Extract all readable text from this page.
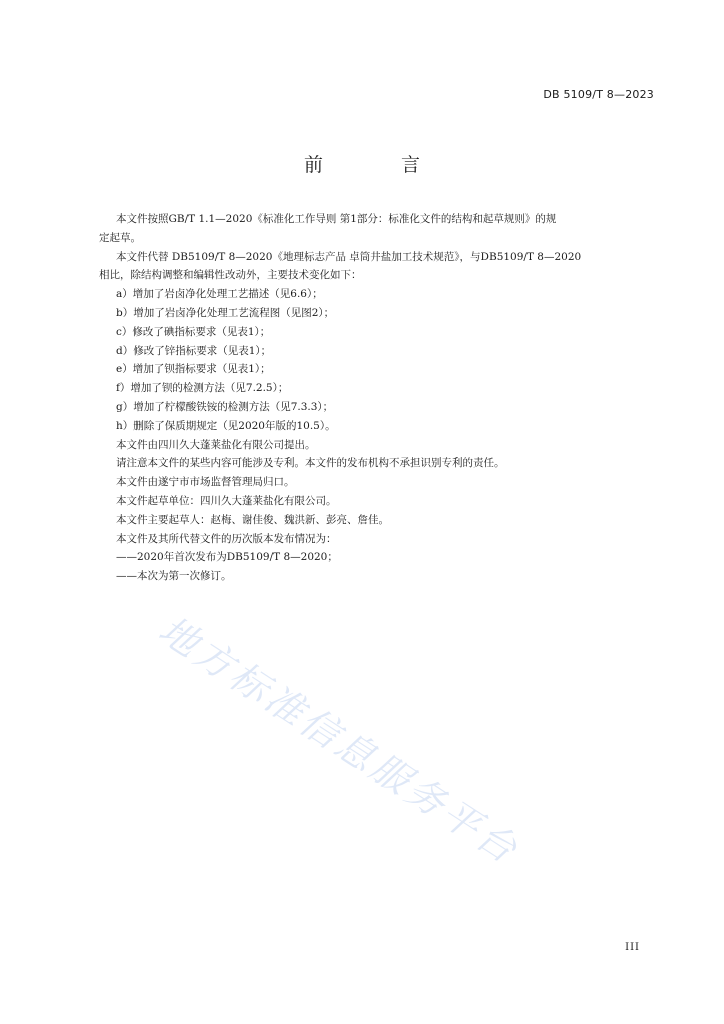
DB 5109/T 8—2023
前 言

本文件按照GB/T 1.1—2020《标准化工作导则 第1部分：标准化文件的结构和起草规则》的规

定起草。

本文件代替 DB5109/T 8—2020《地理标志产品 卓筒井盐加工技术规范》，与DB5109/T 8—2020

相比，除结构调整和编辑性改动外，主要技术变化如下：

a）增加了岩卤净化处理工艺描述（见6.6）；

b）增加了岩卤净化处理工艺流程图（见图2）；

c）修改了碘指标要求（见表1）；

d）修改了锌指标要求（见表1）；

e）增加了钡指标要求（见表1）；

f）增加了钡的检测方法（见7.2.5）；

g）增加了柠檬酸铁铵的检测方法（见7.3.3）；

h）删除了保质期规定（见2020年版的10.5）。

本文件由四川久大蓬莱盐化有限公司提出。

请注意本文件的某些内容可能涉及专利。本文件的发布机构不承担识别专利的责任。

本文件由遂宁市市场监督管理局归口。

本文件起草单位：四川久大蓬莱盐化有限公司。

本文件主要起草人：赵梅、谢佳俊、魏洪新、彭亮、詹佳。

本文件及其所代替文件的历次版本发布情况为：

——2020年首次发布为DB5109/T 8—2020；

——本次为第一次修订。

地方标准信息服务平台
III
